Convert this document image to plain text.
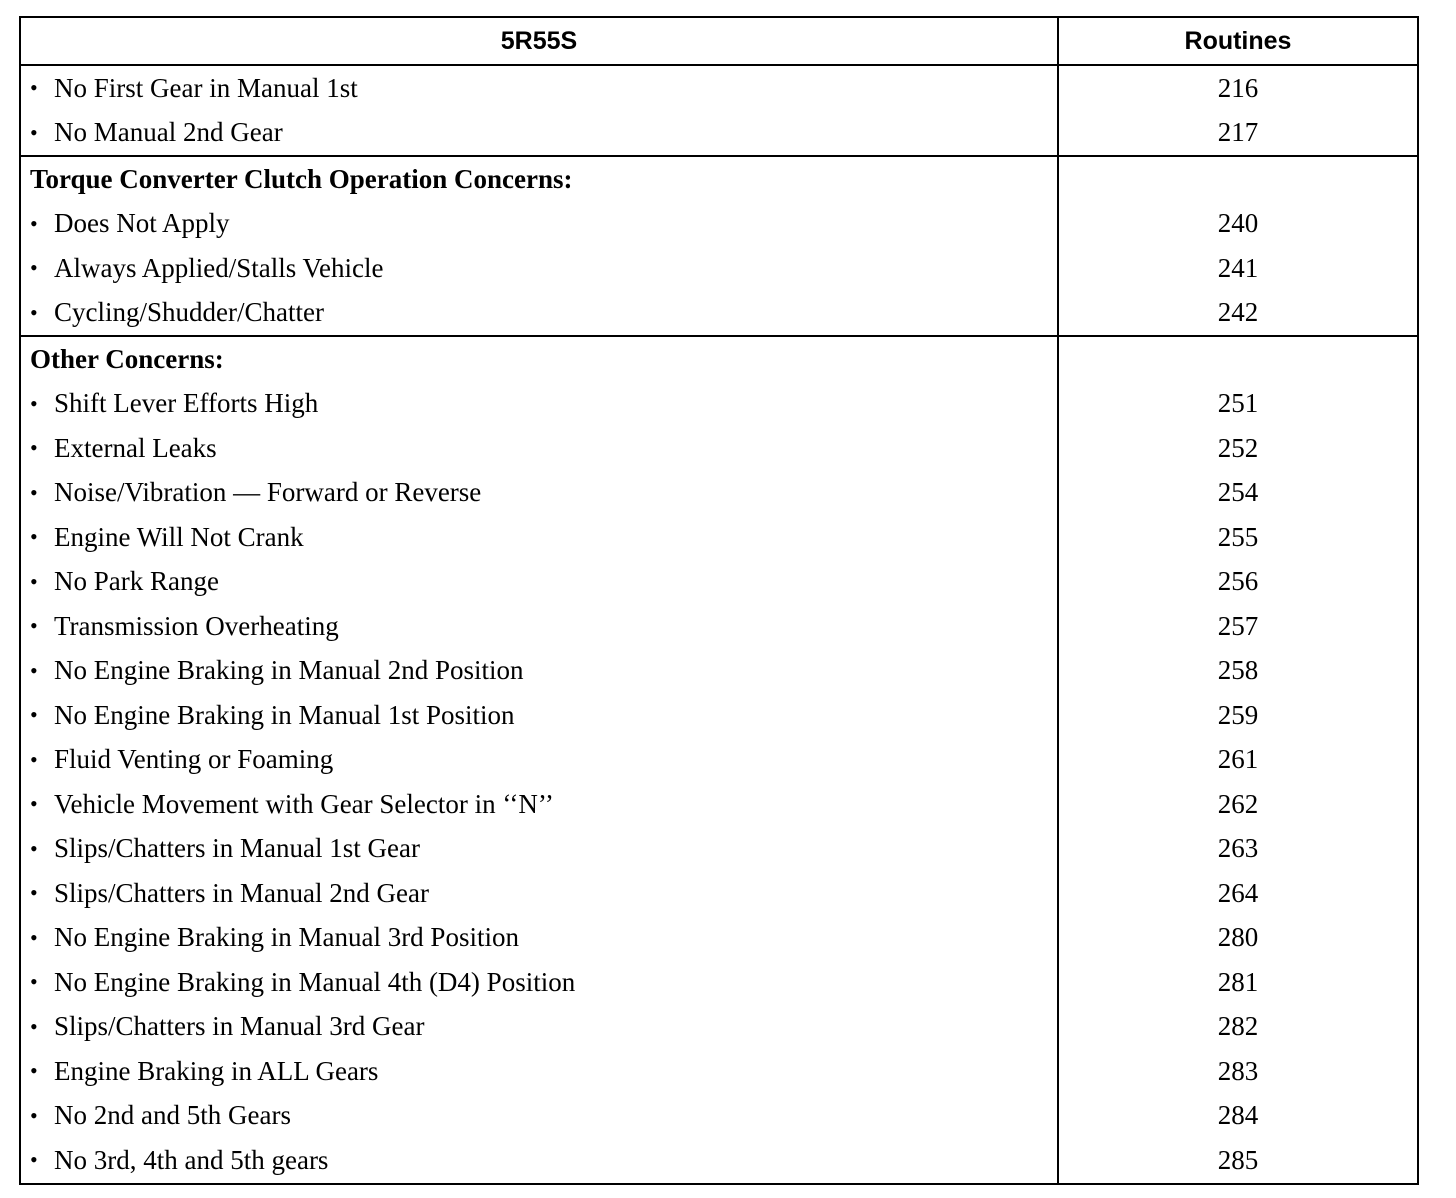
5R55S	Routines
• No First Gear in Manual 1st
• No Manual 2nd Gear
216
217
Torque Converter Clutch Operation Concerns:
• Does Not Apply
• Always Applied/Stalls Vehicle
• Cycling/Shudder/Chatter
240
241
242
Other Concerns:
• Shift Lever Efforts High
• External Leaks
• Noise/Vibration — Forward or Reverse
• Engine Will Not Crank
• No Park Range
• Transmission Overheating
• No Engine Braking in Manual 2nd Position
• No Engine Braking in Manual 1st Position
• Fluid Venting or Foaming
• Vehicle Movement with Gear Selector in ‘‘N’’
• Slips/Chatters in Manual 1st Gear
• Slips/Chatters in Manual 2nd Gear
• No Engine Braking in Manual 3rd Position
• No Engine Braking in Manual 4th (D4) Position
• Slips/Chatters in Manual 3rd Gear
• Engine Braking in ALL Gears
• No 2nd and 5th Gears
• No 3rd, 4th and 5th gears
251
252
254
255
256
257
258
259
261
262
263
264
280
281
282
283
284
285
